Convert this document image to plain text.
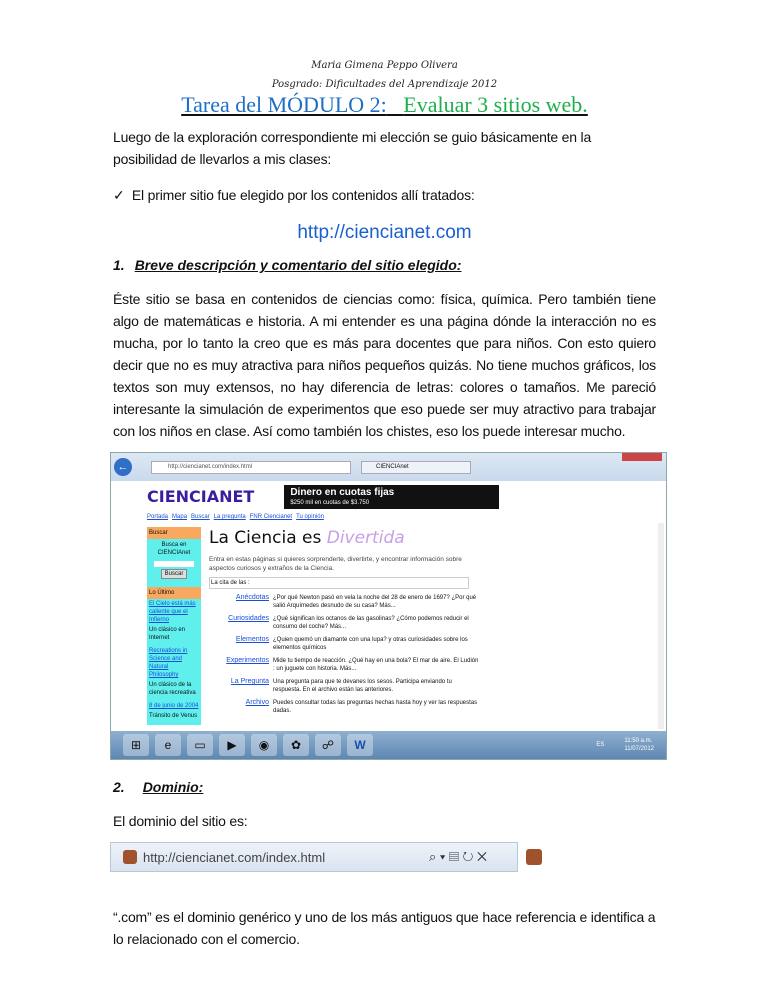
Maria Gimena Peppo Olivera
Posgrado: Dificultades del Aprendizaje 2012
Tarea del MÓDULO 2: Evaluar 3 sitios web.
Luego de la exploración correspondiente mi elección se guio básicamente en la posibilidad de llevarlos a mis clases:
✓ El primer sitio fue elegido por los contenidos allí tratados:
http://ciencianet.com
1. Breve descripción y comentario del sitio elegido:
Éste sitio se basa en contenidos de ciencias como: física, química. Pero también tiene algo de matemáticas e historia. A mi entender es una página dónde la interacción no es mucha, por lo tanto la creo que es más para docentes que para niños. Con esto quiero decir que no es muy atractiva para niños pequeños quizás. No tiene muchos gráficos, los textos son muy extensos, no hay diferencia de letras: colores o tamaños. Me pareció interesante la simulación de experimentos que eso puede ser muy atractivo para trabajar con los niños en clase. Así como también los chistes, eso los puede interesar mucho.
←	http://ciencianet.com/index.html	CIENCIAnet
CIENCIANET	Dinero en cuotas fijas
$250 mil en cuotas de $3.750
Portada Mapa Buscar La pregunta FNR Ciencianet Tu opinión
Buscar
Busca en CIENCIAnet
Buscar
Lo Último
El Cielo está más caliente que el Infierno
Un clásico en Internet
Recreations in Science and Natural Philosophy
Un clásico de la ciencia recreativa
8 de junio de 2004
Tránsito de Venus
La Ciencia es Divertida
Entra en estas páginas si quieres sorprenderte, divertirte, y encontrar información sobre aspectos curiosos y extraños de la Ciencia.
La cita de las :
Anécdotas ¿Por qué Newton pasó en vela la noche del 28 de enero de 1697? ¿Por qué salió Arquímedes desnudo de su casa? Más...
Curiosidades ¿Qué significan los octanos de las gasolinas? ¿Cómo podemos reducir el consumo del coche? Más...
Elementos ¿Quien quemó un diamante con una lupa? y otras curiosidades sobre los elementos químicos
Experimentos Mide tu tiempo de reacción. ¿Qué hay en una bola? El mar de aire. El Ludión : un juguete con historia. Más...
La Pregunta Una pregunta para que te devanes los sesos. Participa enviando tu respuesta. En el archivo están las anteriores.
Archivo Puedes consultar todas las preguntas hechas hasta hoy y ver las respuestas dadas.
⊞	e	▭	▶	◉	✿	☍	W	ES
11:50 a.m.
11/07/2012
2. Dominio:
El dominio del sitio es:
http://ciencianet.com/index.html	⌕ ▾ ▤ ↻ ✕
“.com” es el dominio genérico y uno de los más antiguos que hace referencia e identifica a lo relacionado con el comercio.
